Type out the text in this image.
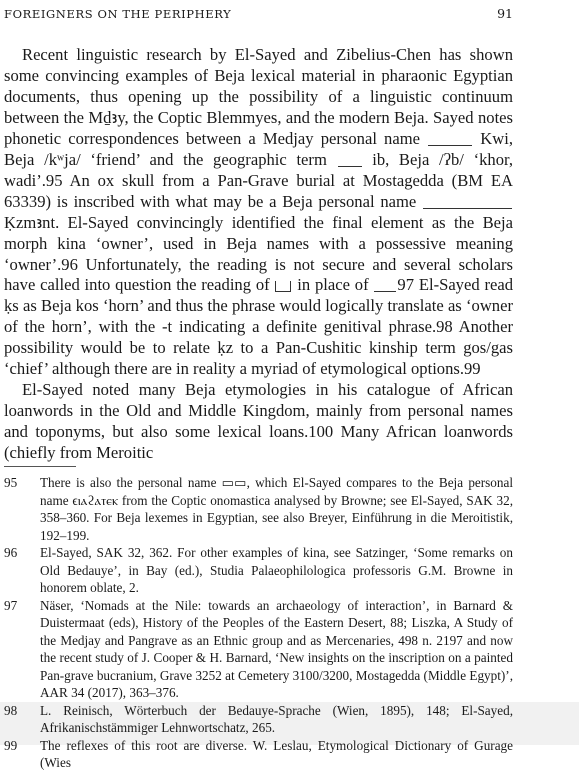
FOREIGNERS ON THE PERIPHERY	91

Recent linguistic research by El-Sayed and Zibelius-Chen has shown some convincing examples of Beja lexical material in pharaonic Egyptian documents, thus opening up the possibility of a linguistic continuum between the Mḏꜣy, the Coptic Blemmyes, and the modern Beja. Sayed notes phonetic correspondences between a Medjay personal name	Kwi, Beja /kʷja/ ‘friend’ and the geographic term  ib, Beja /ʔb/ ‘khor, wadi’.95 An ox skull from a Pan-Grave burial at Mostagedda (BM EA 63339) is inscribed with what may be a Beja personal name  Ḳzmꜣnt. El-Sayed convincingly identified the final element as the Beja morph kina ‘owner’, used in Beja names with a possessive meaning ‘owner’.96 Unfortunately, the reading is not secure and several scholars have called into question the reading of  in place of 97 El-Sayed read ḳs as Beja kos ‘horn’ and thus the phrase would logically translate as ‘owner of the horn’, with the -t indicating a definite genitival phrase.98 Another possibility would be to relate ḳz to a Pan-Cushitic kinship term gos/gas ‘chief’ although there are in reality a myriad of etymological options.99

El-Sayed noted many Beja etymologies in his catalogue of African loanwords in the Old and Middle Kingdom, mainly from personal names and toponyms, but also some lexical loans.100 Many African loanwords (chiefly from Meroitic

95	There is also the personal name ▭▭, which El-Sayed compares to the Beja personal name ϵⲓⲁϩⲁⲧⲉⲕ from the Coptic onomastica analysed by Browne; see El-Sayed, SAK 32, 358–360. For Beja lexemes in Egyptian, see also Breyer, Einführung in die Meroitistik, 192–199.
96	El-Sayed, SAK 32, 362. For other examples of kina, see Satzinger, ‘Some remarks on Old Bedauye’, in Bay (ed.), Studia Palaeophilologica professoris G.M. Browne in honorem oblate, 2.
97	Näser, ‘Nomads at the Nile: towards an archaeology of interaction’, in Barnard & Duistermaat (eds), History of the Peoples of the Eastern Desert, 88; Liszka, A Study of the Medjay and Pangrave as an Ethnic group and as Mercenaries, 498 n. 2197 and now the recent study of J. Cooper & H. Barnard, ‘New insights on the inscription on a painted Pan-grave bucranium, Grave 3252 at Cemetery 3100/3200, Mostagedda (Middle Egypt)’, AAR 34 (2017), 363–376.
98	L. Reinisch, Wörterbuch der Bedauye-Sprache (Wien, 1895), 148; El-Sayed, Afrikanischstämmiger Lehnwortschatz, 265.
99	The reflexes of this root are diverse. W. Leslau, Etymological Dictionary of Gurage (Wies
